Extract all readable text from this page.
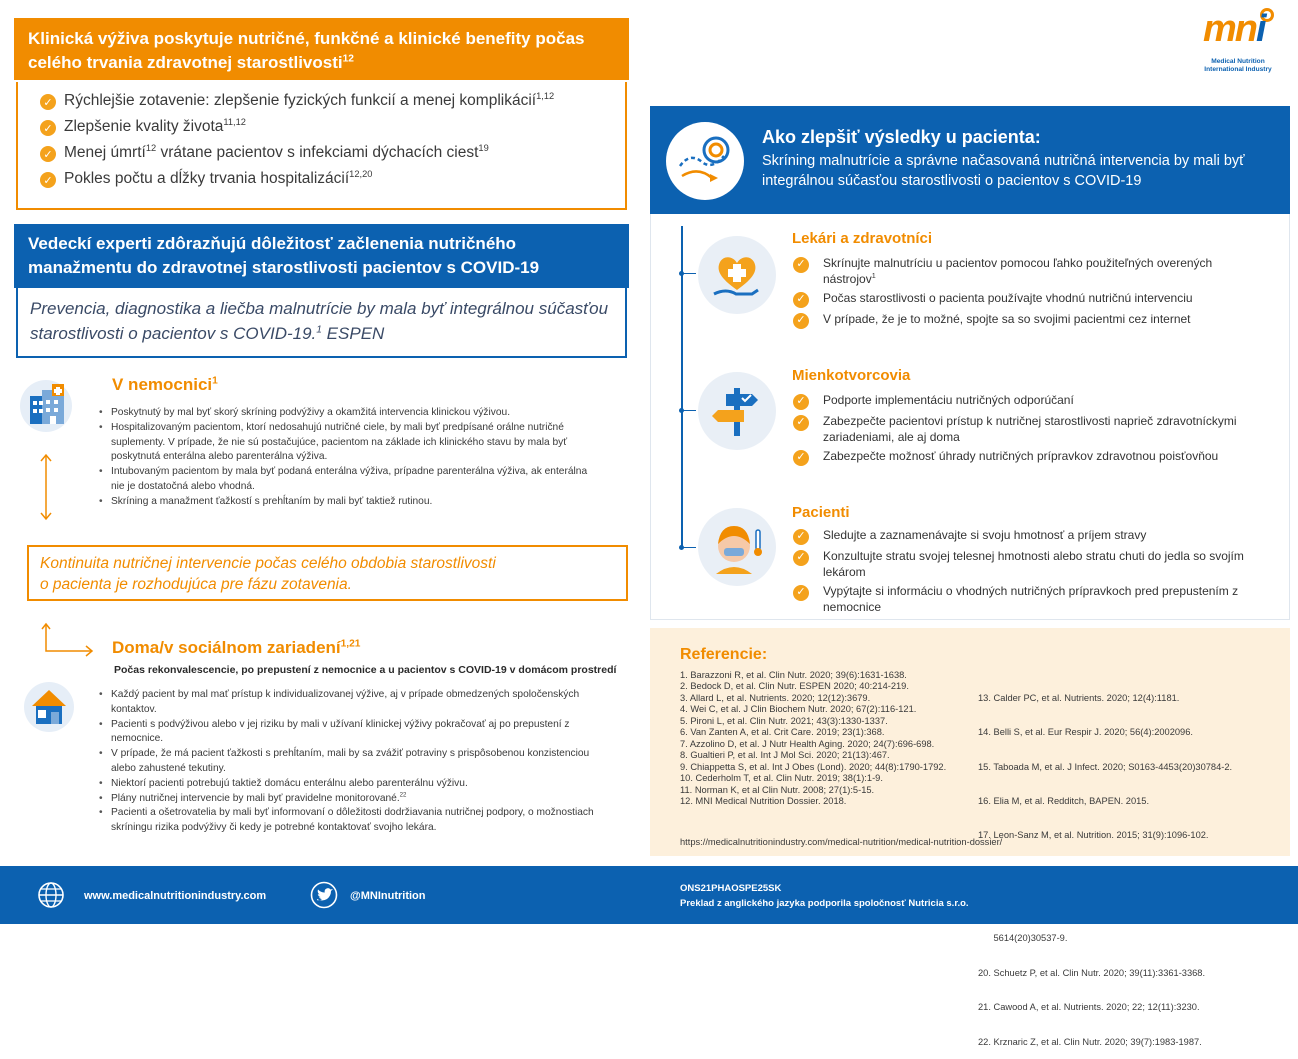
Klinická výživa poskytuje nutričné, funkčné a klinické benefity počas celého trvania zdravotnej starostlivosti$^{12}$
✓ Rýchlejšie zotavenie: zlepšenie fyzických funkcií a menej komplikácií$^{1,12}$
✓ Zlepšenie kvality života$^{11,12}$
✓ Menej úmrtí$^{12}$ vrátane pacientov s infekciami dýchacích ciest$^{19}$
✓ Pokles počtu a dĺžky trvania hospitalizácií$^{12,20}$
Vedeckí experti zdôrazňujú dôležitosť začlenenia nutričného manažmentu do zdravotnej starostlivosti pacientov s COVID-19
Prevencia, diagnostika a liečba malnutrície by mala byť integrálnou súčasťou starostlivosti o pacientov s COVID-19.$^1$ ESPEN
V nemocnici$^1$
• Poskytnutý by mal byť skorý skríning podvýživy a okamžitá intervencia klinickou výživou.
• Hospitalizovaným pacientom, ktorí nedosahujú nutričné ciele, by mali byť predpísané orálne nutričné suplementy. V prípade, že nie sú postačujúce, pacientom na základe ich klinického stavu by mala byť poskytnutá enterálna alebo parenterálna výživa.
• Intubovaným pacientom by mala byť podaná enterálna výživa, prípadne parenterálna výživa, ak enterálna nie je dostatočná alebo vhodná.
• Skríning a manažment ťažkostí s prehĺtaním by mali byť taktiež rutinou.
Kontinuita nutričnej intervencie počas celého obdobia starostlivosti
o pacienta je rozhodujúca pre fázu zotavenia.
Doma/v sociálnom zariadení$^{1,21}$
Počas rekonvalescencie, po prepustení z nemocnice a u pacientov s COVID-19 v domácom prostredí
• Každý pacient by mal mať prístup k individualizovanej výžive, aj v prípade obmedzených spoločenských kontaktov.
• Pacienti s podvýživou alebo v jej riziku by mali v užívaní klinickej výživy pokračovať aj po prepustení z nemocnice.
• V prípade, že má pacient ťažkosti s prehĺtaním, mali by sa zvážiť potraviny s prispôsobenou konzistenciou alebo zahustené tekutiny.
• Niektorí pacienti potrebujú taktiež domácu enterálnu alebo parenterálnu výživu.
• Plány nutričnej intervencie by mali byť pravidelne monitorované.$^{22}$
• Pacienti a ošetrovatelia by mali byť informovaní o dôležitosti dodržiavania nutričnej podpory, o možnostiach skríningu rizika podvýživy či kedy je potrebné kontaktovať svojho lekára.
mni
Medical Nutrition International Industry
Ako zlepšiť výsledky u pacienta:
Skríning malnutrície a správne načasovaná nutričná intervencia by mali byť integrálnou súčasťou starostlivosti o pacientov s COVID-19
Lekári a zdravotníci
✓ Skrínujte malnutríciu u pacientov pomocou ľahko použiteľných overených nástrojov$^1$
✓ Počas starostlivosti o pacienta používajte vhodnú nutričnú intervenciu
✓ V prípade, že je to možné, spojte sa so svojimi pacientmi cez internet
Mienkotvorcovia
✓ Podporte implementáciu nutričných odporúčaní
✓ Zabezpečte pacientovi prístup k nutričnej starostlivosti naprieč zdravotníckymi zariadeniami, ale aj doma
✓ Zabezpečte možnosť úhrady nutričných prípravkov zdravotnou poisťovňou
Pacienti
✓ Sledujte a zaznamenávajte si svoju hmotnosť a príjem stravy
✓ Konzultujte stratu svojej telesnej hmotnosti alebo stratu chuti do jedla so svojím lekárom
✓ Vypýtajte si informáciu o vhodných nutričných prípravkoch pred prepustením z nemocnice
Referencie:
1. Barazzoni R, et al. Clin Nutr. 2020; 39(6):1631-1638.
2. Bedock D, et al. Clin Nutr. ESPEN 2020; 40:214-219.
3. Allard L, et al. Nutrients. 2020; 12(12):3679.
4. Wei C, et al. J Clin Biochem Nutr. 2020; 67(2):116-121.
5. Pironi L, et al. Clin Nutr. 2021; 43(3):1330-1337.
6. Van Zanten A, et al. Crit Care. 2019; 23(1):368.
7. Azzolino D, et al. J Nutr Health Aging. 2020; 24(7):696-698.
8. Gualtieri P, et al. Int J Mol Sci. 2020; 21(13):467.
9. Chiappetta S, et al. Int J Obes (Lond). 2020; 44(8):1790-1792.
10. Cederholm T, et al. Clin Nutr. 2019; 38(1):1-9.
11. Norman K, et al Clin Nutr. 2008; 27(1):5-15.
12. MNI Medical Nutrition Dossier. 2018.

13. Calder PC, et al. Nutrients. 2020; 12(4):1181.

14. Belli S, et al. Eur Respir J. 2020; 56(4):2002096.

15. Taboada M, et al. J Infect. 2020; S0163-4453(20)30784-2.

16. Elia M, et al. Redditch, BAPEN. 2015.

17. Leon-Sanz M, et al. Nutrition. 2015; 31(9):1096-102.

5614(20)30537-9.

20. Schuetz P, et al. Clin Nutr. 2020; 39(11):3361-3368.

21. Cawood A, et al. Nutrients. 2020; 22; 12(11):3230.

22. Krznaric Z, et al. Clin Nutr. 2020; 39(7):1983-1987.

https://medicalnutritionindustry.com/medical-nutrition/medical-nutrition-dossier/
www.medicalnutritionindustry.com	@MNInutrition
ONS21PHAOSPE25SK
Preklad z anglického jazyka podporila spoločnosť Nutricia s.r.o.
